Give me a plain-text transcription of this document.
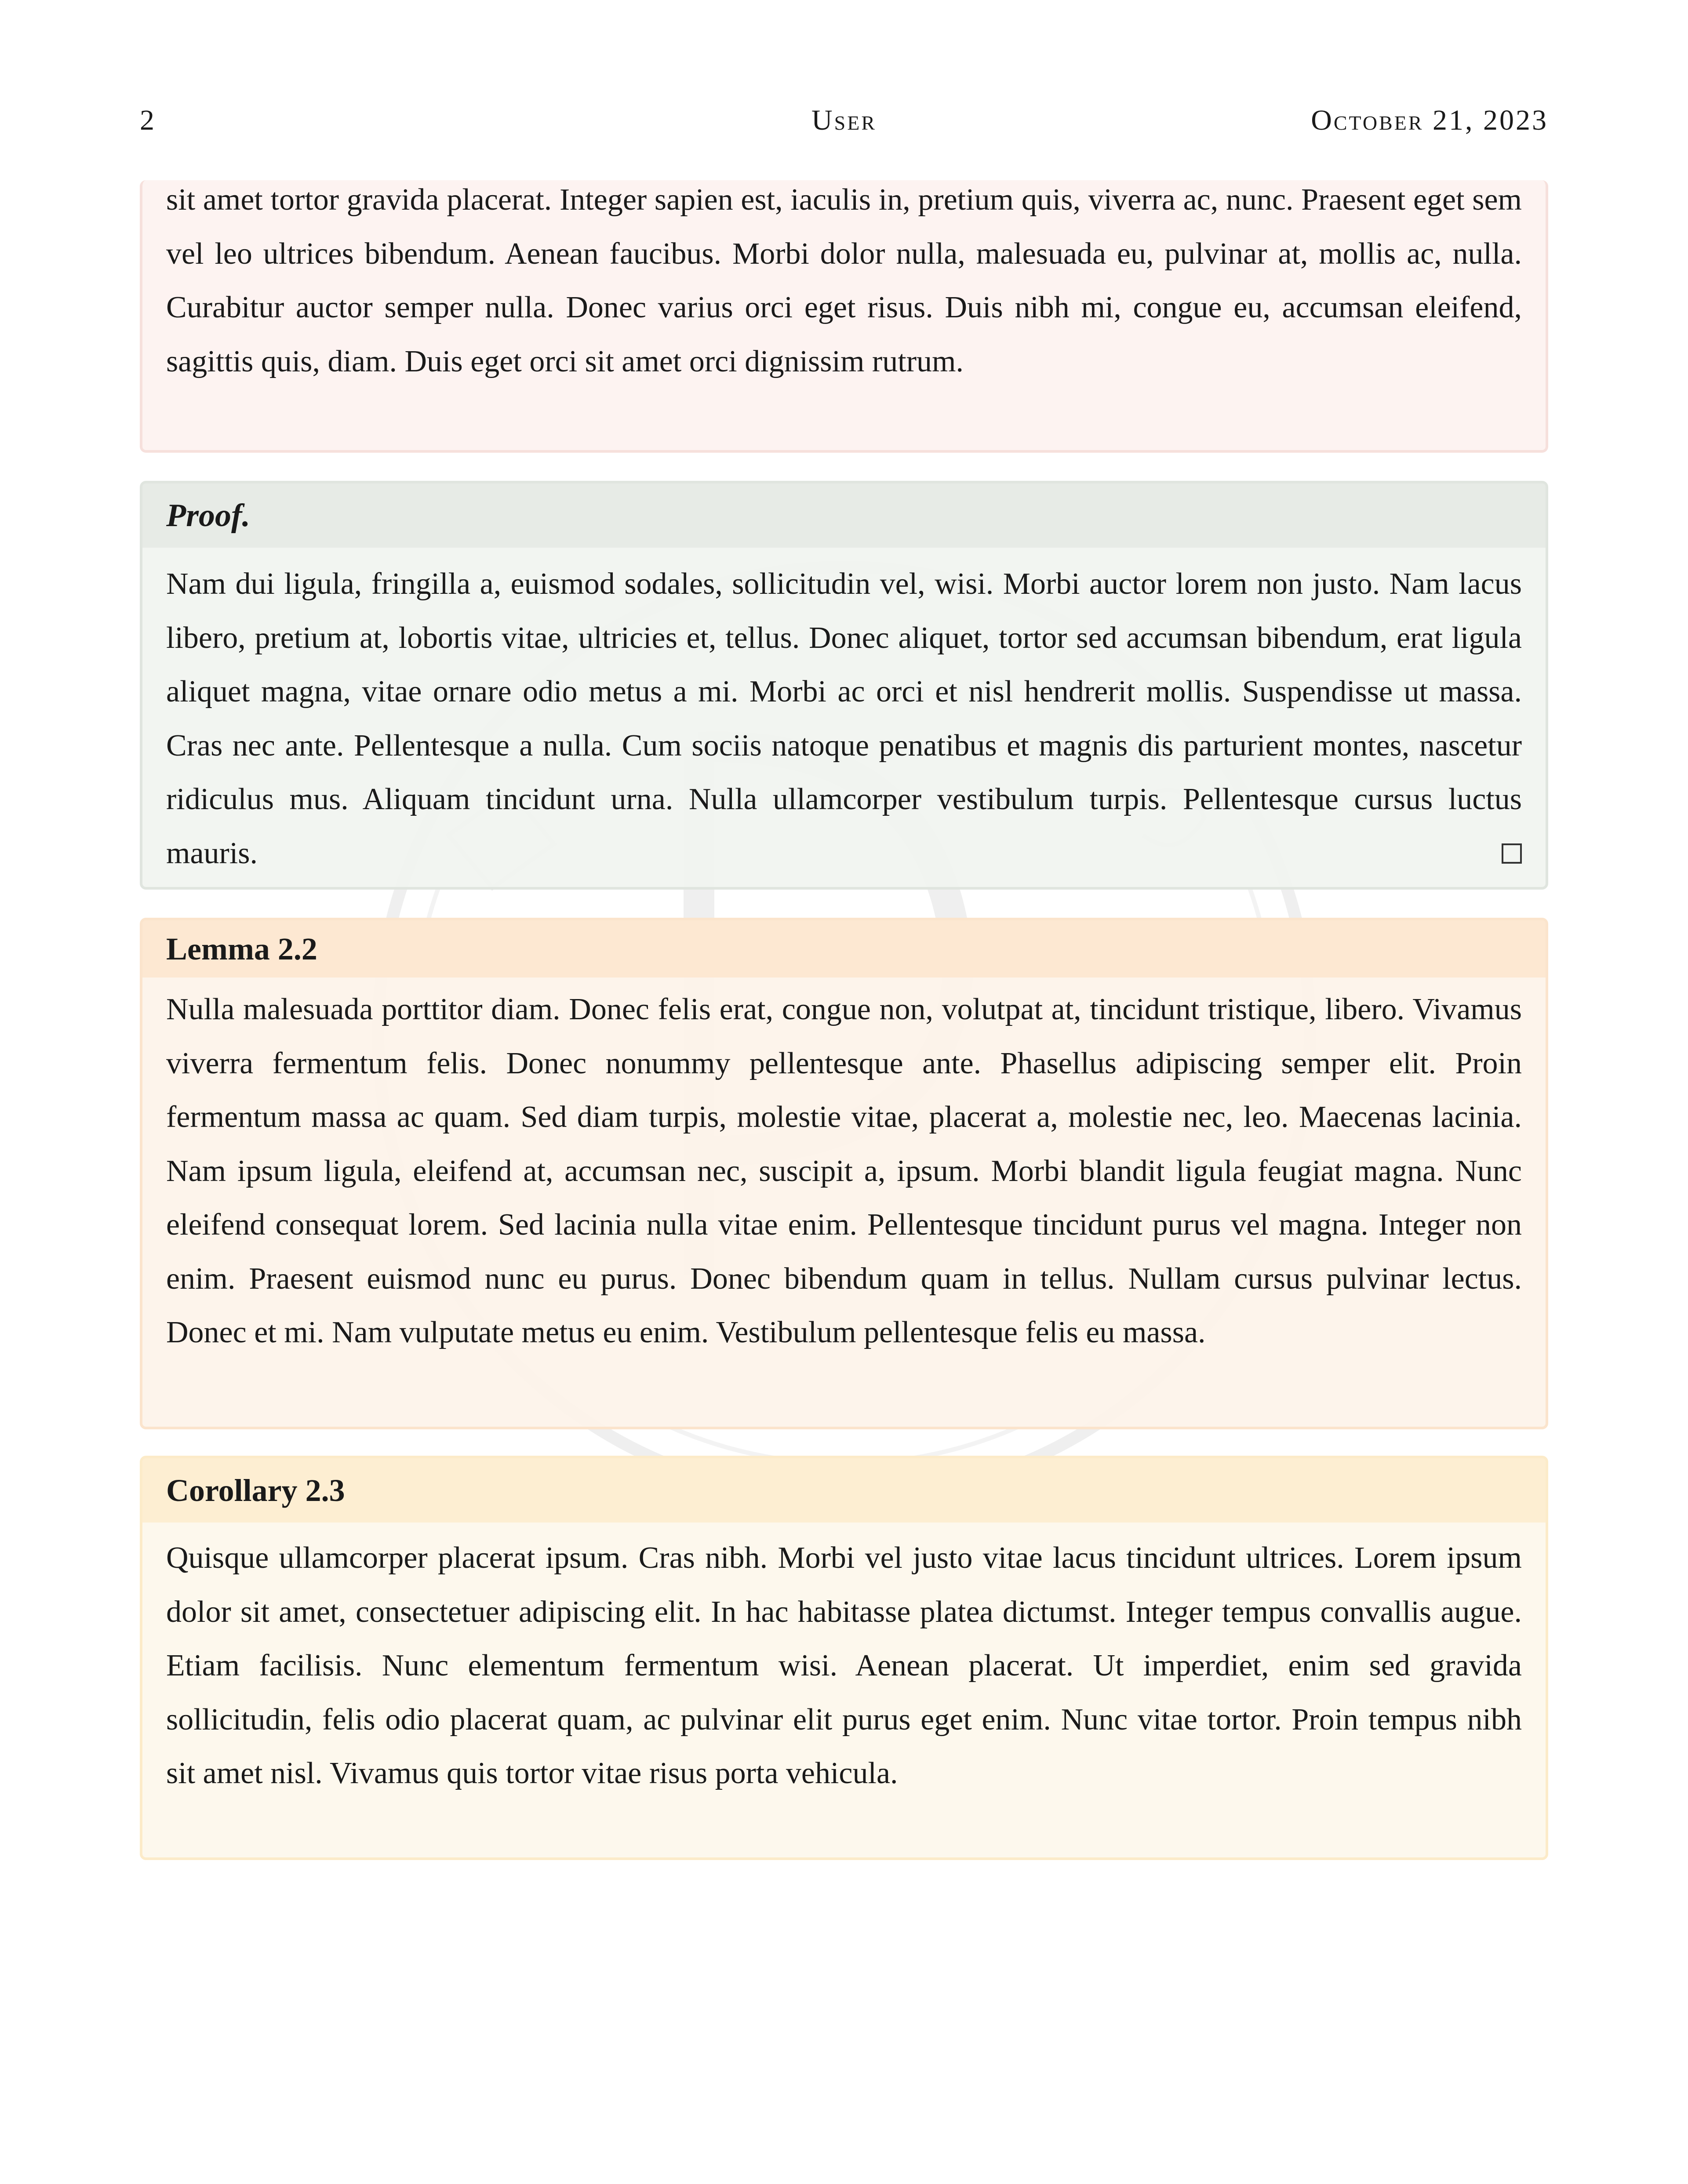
2	User	October 21, 2023
sit amet tortor gravida placerat. Integer sapien est, iaculis in, pretium quis, viverra ac, nunc. Praesent eget sem vel leo ultrices bibendum. Aenean faucibus. Morbi dolor nulla, malesuada eu, pulvinar at, mollis ac, nulla. Curabitur auctor semper nulla. Donec varius orci eget risus. Duis nibh mi, congue eu, accumsan eleifend, sagittis quis, diam. Duis eget orci sit amet orci dignissim rutrum.
Proof.
Nam dui ligula, fringilla a, euismod sodales, sollicitudin vel, wisi. Morbi auctor lorem non justo. Nam lacus libero, pretium at, lobortis vitae, ultricies et, tellus. Donec aliquet, tortor sed accumsan bibendum, erat ligula aliquet magna, vitae ornare odio metus a mi. Morbi ac orci et nisl hendrerit mollis. Suspendisse ut massa. Cras nec ante. Pellentesque a nulla. Cum sociis natoque penatibus et magnis dis parturient montes, nascetur ridiculus mus. Aliquam tincidunt urna. Nulla ullamcorper vestibulum turpis. Pellentesque cursus luctus mauris.
Lemma 2.2
Nulla malesuada porttitor diam. Donec felis erat, congue non, volutpat at, tincidunt tristique, libero. Vivamus viverra fermentum felis. Donec nonummy pellentesque ante. Phasellus adipiscing semper elit. Proin fermentum massa ac quam. Sed diam turpis, molestie vitae, placerat a, molestie nec, leo. Maecenas lacinia. Nam ipsum ligula, eleifend at, accumsan nec, suscipit a, ipsum. Morbi blandit ligula feugiat magna. Nunc eleifend consequat lorem. Sed lacinia nulla vitae enim. Pellentesque tincidunt purus vel magna. Integer non enim. Praesent euismod nunc eu purus. Donec bibendum quam in tellus. Nullam cursus pulvinar lectus. Donec et mi. Nam vulputate metus eu enim. Vestibulum pellentesque felis eu massa.
Corollary 2.3
Quisque ullamcorper placerat ipsum. Cras nibh. Morbi vel justo vitae lacus tincidunt ultrices. Lorem ipsum dolor sit amet, consectetuer adipiscing elit. In hac habitasse platea dictumst. Integer tempus convallis augue. Etiam facilisis. Nunc elementum fermentum wisi. Aenean placerat. Ut imperdiet, enim sed gravida sollicitudin, felis odio placerat quam, ac pulvinar elit purus eget enim. Nunc vitae tortor. Proin tempus nibh sit amet nisl. Vivamus quis tortor vitae risus porta vehicula.
